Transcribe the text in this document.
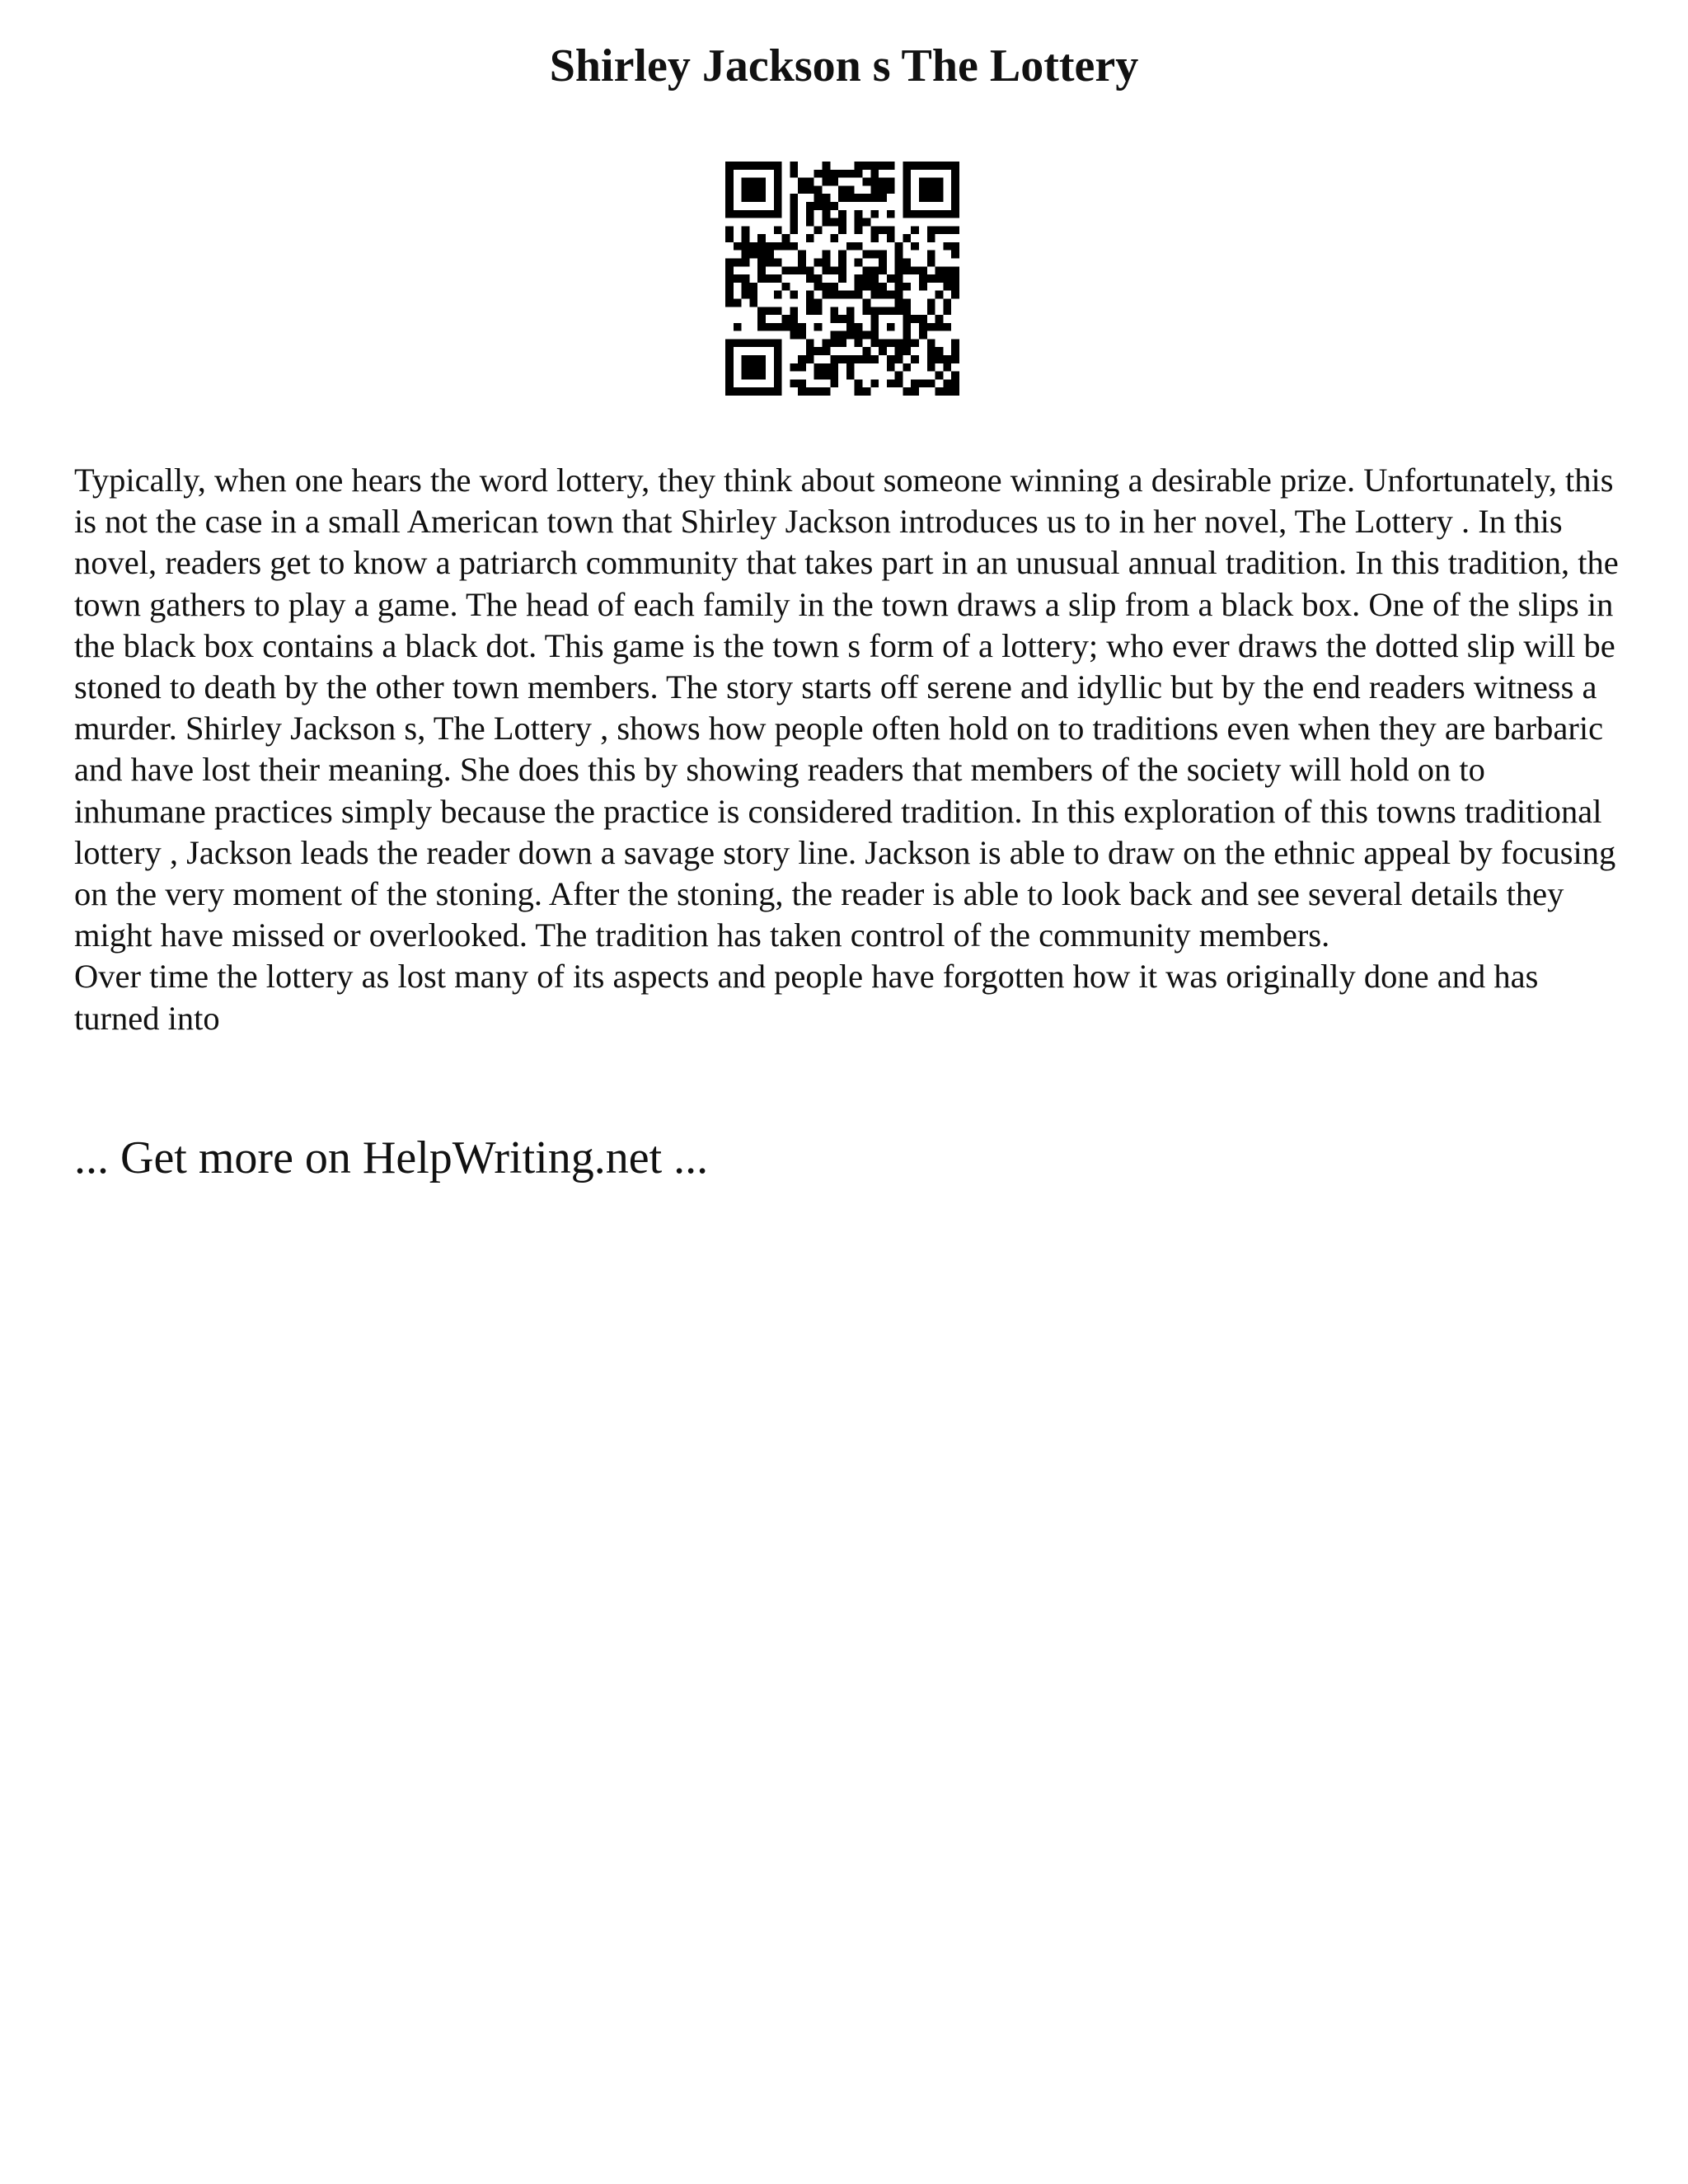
Shirley Jackson s The Lottery

Typically, when one hears the word lottery, they think about someone winning a desirable prize. Unfortunately, this is not the case in a small American town that Shirley Jackson introduces us to in her novel, The Lottery . In this novel, readers get to know a patriarch community that takes part in an unusual annual tradition. In this tradition, the town gathers to play a game. The head of each family in the town draws a slip from a black box. One of the slips in the black box contains a black dot. This game is the town s form of a lottery; who ever draws the dotted slip will be stoned to death by the other town members. The story starts off serene and idyllic but by the end readers witness a murder. Shirley Jackson s, The Lottery , shows how people often hold on to traditions even when they are barbaric and have lost their meaning. She does this by showing readers that members of the society will hold on to inhumane practices simply because the practice is considered tradition. In this exploration of this towns traditional lottery , Jackson leads the reader down a savage story line. Jackson is able to draw on the ethnic appeal by focusing on the very moment of the stoning. After the stoning, the reader is able to look back and see several details they might have missed or overlooked. The tradition has taken control of the community members.

Over time the lottery as lost many of its aspects and people have forgotten how it was originally done and has turned into

... Get more on HelpWriting.net ...
